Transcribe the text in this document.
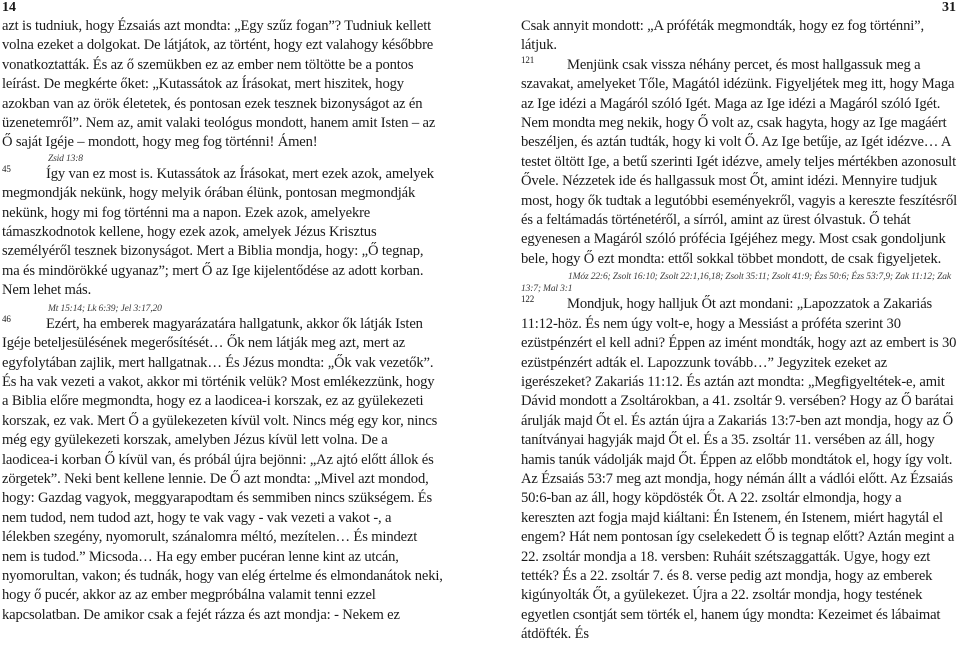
14	31

azt is tudniuk, hogy Ézsaiás azt mondta: „Egy szűz fogan”? Tudniuk kellett volna ezeket a dolgokat. De látjátok, az történt, hogy ezt valahogy későbbre vonatkoztatták. És az ő szemükben ez az ember nem töltötte be a pontos leírást. De megkérte őket: „Kutassátok az Írásokat, mert hiszitek, hogy azokban van az örök életetek, és pontosan ezek tesznek bizonyságot az én üzenetemről”. Nem az, amit valaki teológus mondott, hanem amit Isten – az Ő saját Igéje – mondott, hogy meg fog történni! Ámen!

Zsid 13:8

45 Így van ez most is. Kutassátok az Írásokat, mert ezek azok, amelyek megmondják nekünk, hogy melyik órában élünk, pontosan megmondják nekünk, hogy mi fog történni ma a napon. Ezek azok, amelyekre támaszkodnotok kellene, hogy ezek azok, amelyek Jézus Krisztus személyéről tesznek bizonyságot. Mert a Biblia mondja, hogy: „Ő tegnap, ma és mindörökké ugyanaz”; mert Ő az Ige kijelentődése az adott korban. Nem lehet más.

Mt 15:14; Lk 6:39; Jel 3:17,20

46 Ezért, ha emberek magyarázatára hallgatunk, akkor ők látják Isten Igéje beteljesülésének megerősítését… Ők nem látják meg azt, mert az egyfolytában zajlik, mert hallgatnak… És Jézus mondta: „Ők vak vezetők”. És ha vak vezeti a vakot, akkor mi történik velük? Most emlékezzünk, hogy a Biblia előre megmondta, hogy ez a laodicea-i korszak, ez az gyülekezeti korszak, ez vak. Mert Ő a gyülekezeten kívül volt. Nincs még egy kor, nincs még egy gyülekezeti korszak, amelyben Jézus kívül lett volna. De a laodicea-i korban Ő kívül van, és próbál újra bejönni: „Az ajtó előtt állok és zörgetek”. Neki bent kellene lennie. De Ő azt mondta: „Mivel azt mondod, hogy: Gazdag vagyok, meggyarapodtam és semmiben nincs szükségem. És nem tudod, nem tudod azt, hogy te vak vagy - vak vezeti a vakot -, a lélekben szegény, nyomorult, szánalomra méltó, mezítelen… És mindezt nem is tudod.” Micsoda… Ha egy ember pucéran lenne kint az utcán, nyomorultan, vakon; és tudnák, hogy van elég értelme és elmondanátok neki, hogy ő pucér, akkor az az ember megpróbálna valamit tenni ezzel kapcsolatban. De amikor csak a fejét rázza és azt mondja: - Nekem ez

Csak annyit mondott: „A próféták megmondták, hogy ez fog történni”, látjuk.

121 Menjünk csak vissza néhány percet, és most hallgassuk meg a szavakat, amelyeket Tőle, Magától idézünk. Figyeljétek meg itt, hogy Maga az Ige idézi a Magáról szóló Igét. Maga az Ige idézi a Magáról szóló Igét. Nem mondta meg nekik, hogy Ő volt az, csak hagyta, hogy az Ige magáért beszéljen, és aztán tudták, hogy ki volt Ő. Az Ige betűje, az Igét idézve… A testet öltött Ige, a betű szerinti Igét idézve, amely teljes mértékben azonosult Ővele. Nézzetek ide és hallgassuk most Őt, amint idézi. Mennyire tudjuk most, hogy ők tudtak a legutóbbi eseményekről, vagyis a kereszte feszítésről és a feltámadás történetéről, a sírról, amint az ürest ólvastuk. Ő tehát egyenesen a Magáról szóló prófécia Igéjéhez megy. Most csak gondoljunk bele, hogy Ő ezt mondta: ettől sokkal többet mondott, de csak figyeljetek.

1Móz 22:6; Zsolt 16:10; Zsolt 22:1,16,18; Zsolt 35:11; Zsolt 41:9; Ézs 50:6; Ézs 53:7,9; Zak 11:12; Zak 13:7; Mal 3:1

122 Mondjuk, hogy halljuk Őt azt mondani: „Lapozzatok a Zakariás 11:12-höz. És nem úgy volt-e, hogy a Messiást a próféta szerint 30 ezüstpénzért el kell adni? Éppen az imént mondták, hogy azt az embert is 30 ezüstpénzért adták el. Lapozzunk tovább…” Jegyzitek ezeket az igerészeket? Zakariás 11:12. És aztán azt mondta: „Megfigyeltétek-e, amit Dávid mondott a Zsoltárokban, a 41. zsoltár 9. versében? Hogy az Ő barátai árulják majd Őt el. És aztán újra a Zakariás 13:7-ben azt mondja, hogy az Ő tanítványai hagyják majd Őt el. És a 35. zsoltár 11. versében az áll, hogy hamis tanúk vádolják majd Őt. Éppen az előbb mondtátok el, hogy így volt. Az Ézsaiás 53:7 meg azt mondja, hogy némán állt a vádlói előtt. Az Ézsaiás 50:6-ban az áll, hogy köpdösték Őt. A 22. zsoltár elmondja, hogy a kereszten azt fogja majd kiáltani: Én Istenem, én Istenem, miért hagytál el engem? Hát nem pontosan így cselekedett Ő is tegnap előtt? Aztán megint a 22. zsoltár mondja a 18. versben: Ruháit szétszaggatták. Ugye, hogy ezt tették? És a 22. zsoltár 7. és 8. verse pedig azt mondja, hogy az emberek kigúnyolták Őt, a gyülekezet. Újra a 22. zsoltár mondja, hogy testének egyetlen csontját sem törték el, hanem úgy mondta: Kezeimet és lábaimat átdöfték. És
